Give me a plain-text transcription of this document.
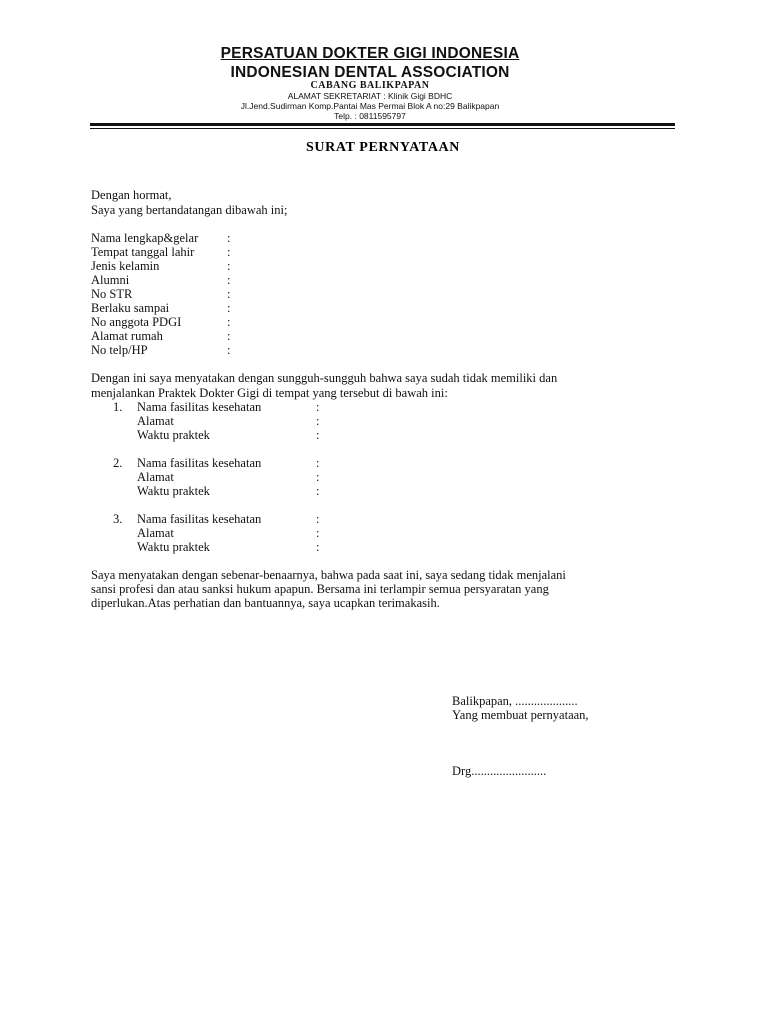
PERSATUAN DOKTER GIGI INDONESIA
INDONESIAN DENTAL ASSOCIATION
CABANG BALIKPAPAN
ALAMAT SEKRETARIAT : Klinik Gigi BDHC
Jl.Jend.Sudirman Komp.Pantai Mas Permai Blok A no:29 Balikpapan
Telp. : 0811595797
SURAT PERNYATAAN
Dengan hormat,
Saya yang bertandatangan dibawah ini;
Nama lengkap&gelar :
Tempat tanggal lahir	:
Jenis kelamin	:
Alumni	:
No STR	:
Berlaku sampai	:
No anggota PDGI	:
Alamat rumah	:
No telp/HP	:
Dengan ini saya menyatakan dengan sungguh-sungguh bahwa saya sudah tidak memiliki dan
menjalankan Praktek Dokter Gigi di tempat yang tersebut di bawah ini:
1. Nama fasilitas kesehatan	:
Alamat	:
Waktu praktek	:
2. Nama fasilitas kesehatan	:
Alamat	:
Waktu praktek	:
3. Nama fasilitas kesehatan	:
Alamat	:
Waktu praktek	:
Saya menyatakan dengan sebenar-benaarnya, bahwa pada saat ini, saya sedang tidak menjalani
sansi profesi dan atau sanksi hukum apapun. Bersama ini terlampir semua persyaratan yang
diperlukan.Atas perhatian dan bantuannya, saya ucapkan terimakasih.
Balikpapan, ....................
Yang membuat pernyataan,
Drg........................
